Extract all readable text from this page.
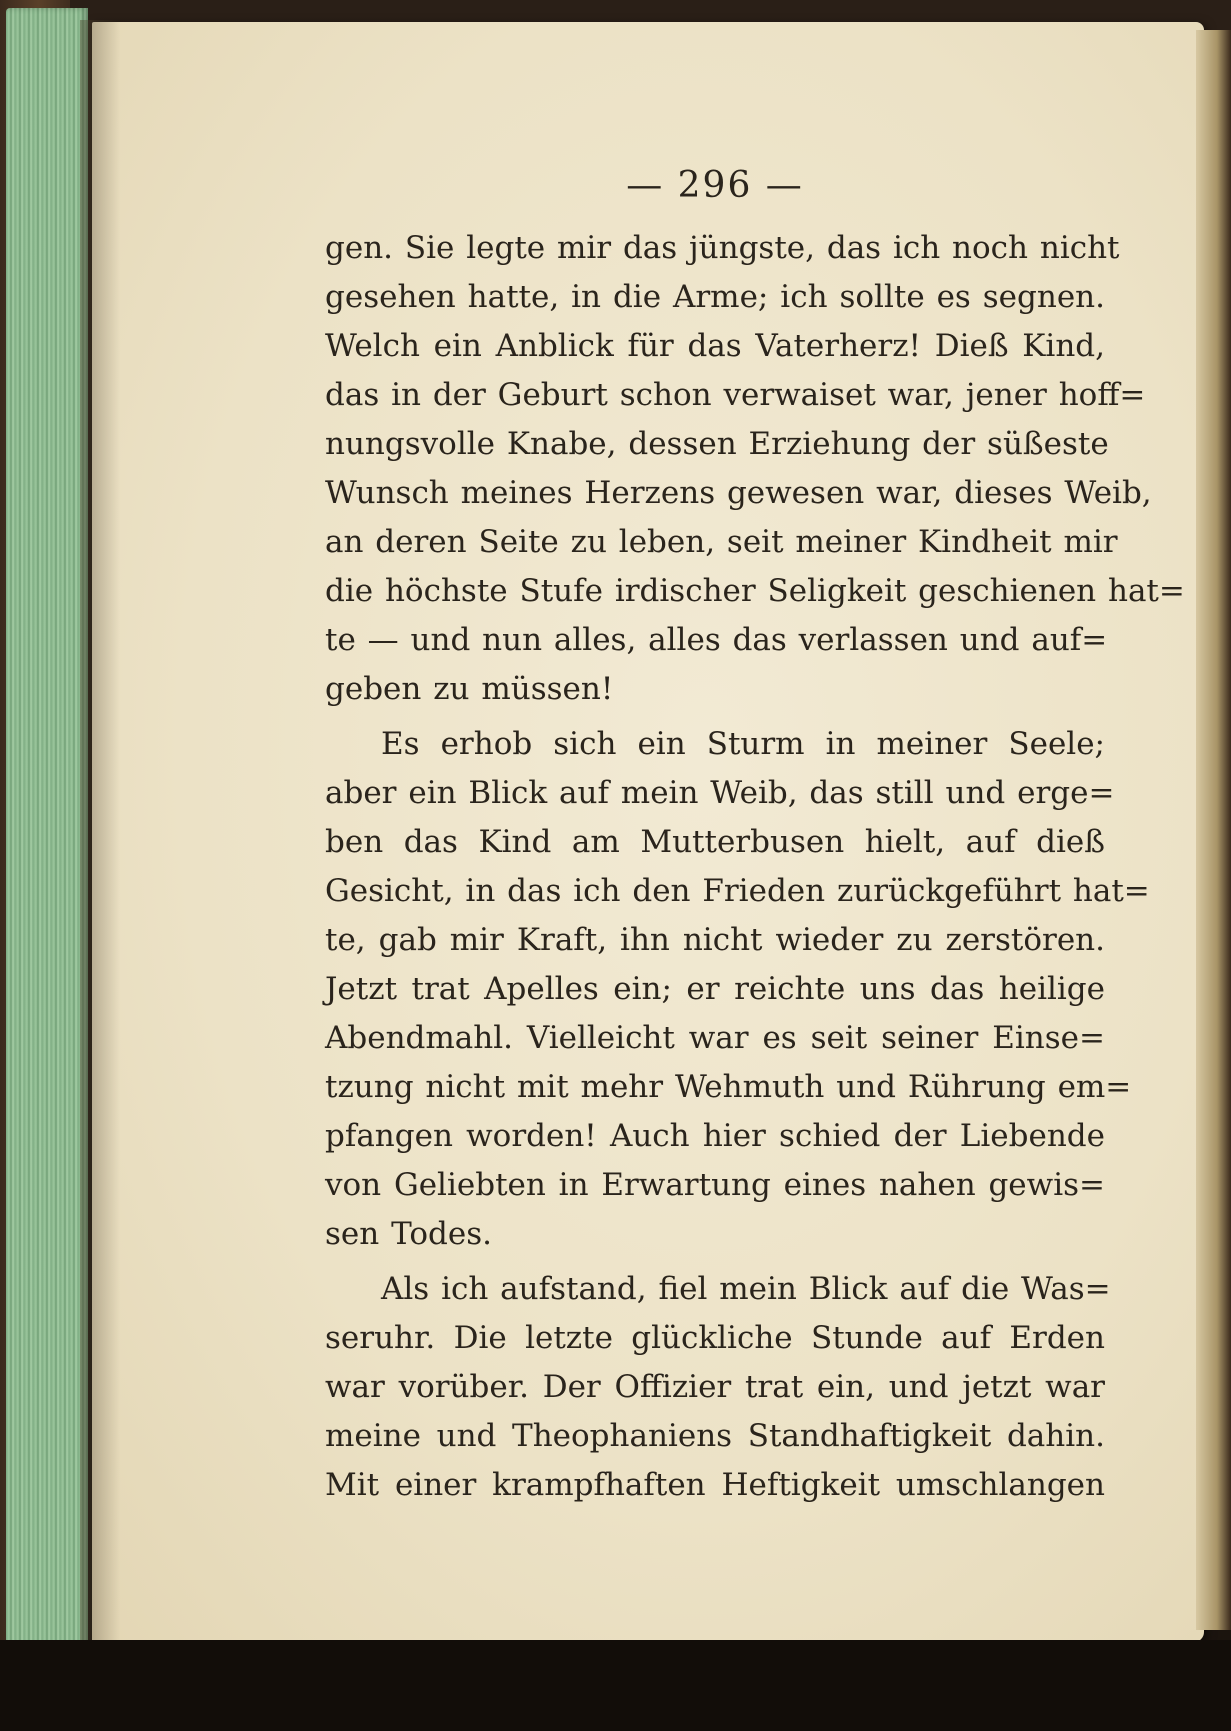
— 296 —
gen. Sie legte mir das jüngste, das ich noch nicht
gesehen hatte, in die Arme; ich sollte es segnen.
Welch ein Anblick für das Vaterherz! Dieß Kind,
das in der Geburt schon verwaiset war, jener hoff=
nungsvolle Knabe, dessen Erziehung der süßeste
Wunsch meines Herzens gewesen war, dieses Weib,
an deren Seite zu leben, seit meiner Kindheit mir
die höchste Stufe irdischer Seligkeit geschienen hat=
te — und nun alles, alles das verlassen und auf=
geben zu müssen!
Es erhob sich ein Sturm in meiner Seele;
aber ein Blick auf mein Weib, das still und erge=
ben das Kind am Mutterbusen hielt, auf dieß
Gesicht, in das ich den Frieden zurückgeführt hat=
te, gab mir Kraft, ihn nicht wieder zu zerstören.
Jetzt trat Apelles ein; er reichte uns das heilige
Abendmahl. Vielleicht war es seit seiner Einse=
tzung nicht mit mehr Wehmuth und Rührung em=
pfangen worden! Auch hier schied der Liebende
von Geliebten in Erwartung eines nahen gewis=
sen Todes.
Als ich aufstand, fiel mein Blick auf die Was=
seruhr. Die letzte glückliche Stunde auf Erden
war vorüber. Der Offizier trat ein, und jetzt war
meine und Theophaniens Standhaftigkeit dahin.
Mit einer krampfhaften Heftigkeit umschlangen
